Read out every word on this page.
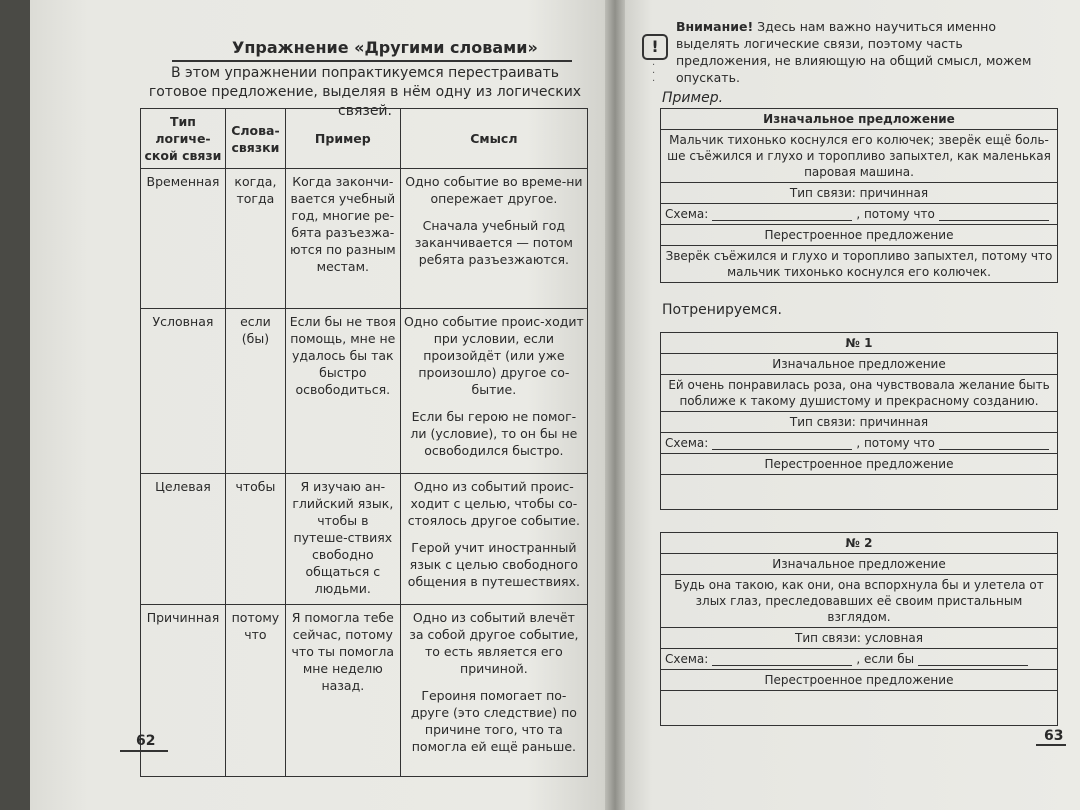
Упражнение «Другими словами»
В этом упражнении попрактикуемся перестраивать готовое предложение, выделяя в нём одну из логических связей.
Тип логиче-ской связи	Слова-связки	Пример	Смысл
Временная	когда, тогда	Когда закончи-вается учебный год, многие ре-бята разъезжа-ются по разным местам.	Одно событие во време-ни опережает другое.

Сначала учебный год заканчивается — потом ребята разъезжаются.

Условная	если (бы)	Если бы не твоя помощь, мне не удалось бы так быстро освободиться.	Одно событие проис-ходит при условии, если произойдёт (или уже произошло) другое со-бытие.

Если бы герою не помог-ли (условие), то он бы не освободился быстро.

Целевая	чтобы	Я изучаю ан-глийский язык, чтобы в путеше-ствиях свободно общаться с людьми.	Одно из событий проис-ходит с целью, чтобы со-стоялось другое событие.

Герой учит иностранный язык с целью свободного общения в путешествиях.

Причинная	потому что	Я помогла тебе сейчас, потому что ты помогла мне неделю назад.	Одно из событий влечёт за собой другое событие, то есть является его причиной.

Героиня помогает по-друге (это следствие) по причине того, что та помогла ей ещё раньше.

62
!
·
·
·
Внимание! Здесь нам важно научиться именно выделять логические связи, поэтому часть предложения, не влияющую на общий смысл, можем опускать.
Пример.
Изначальное предложение
Мальчик тихонько коснулся его колючек; зверёк ещё боль-ше съёжился и глухо и торопливо запыхтел, как маленькая паровая машина.
Тип связи: причинная
Схема:	, потому что
Перестроенное предложение
Зверёк съёжился и глухо и торопливо запыхтел, потому что мальчик тихонько коснулся его колючек.
Потренируемся.
№ 1
Изначальное предложение
Ей очень понравилась роза, она чувствовала желание быть поближе к такому душистому и прекрасному созданию.
Тип связи: причинная
Схема:	, потому что
Перестроенное предложение
№ 2
Изначальное предложение
Будь она такою, как они, она вспорхнула бы и улетела от злых глаз, преследовавших её своим пристальным взглядом.
Тип связи: условная
Схема:	, если бы
Перестроенное предложение
63
